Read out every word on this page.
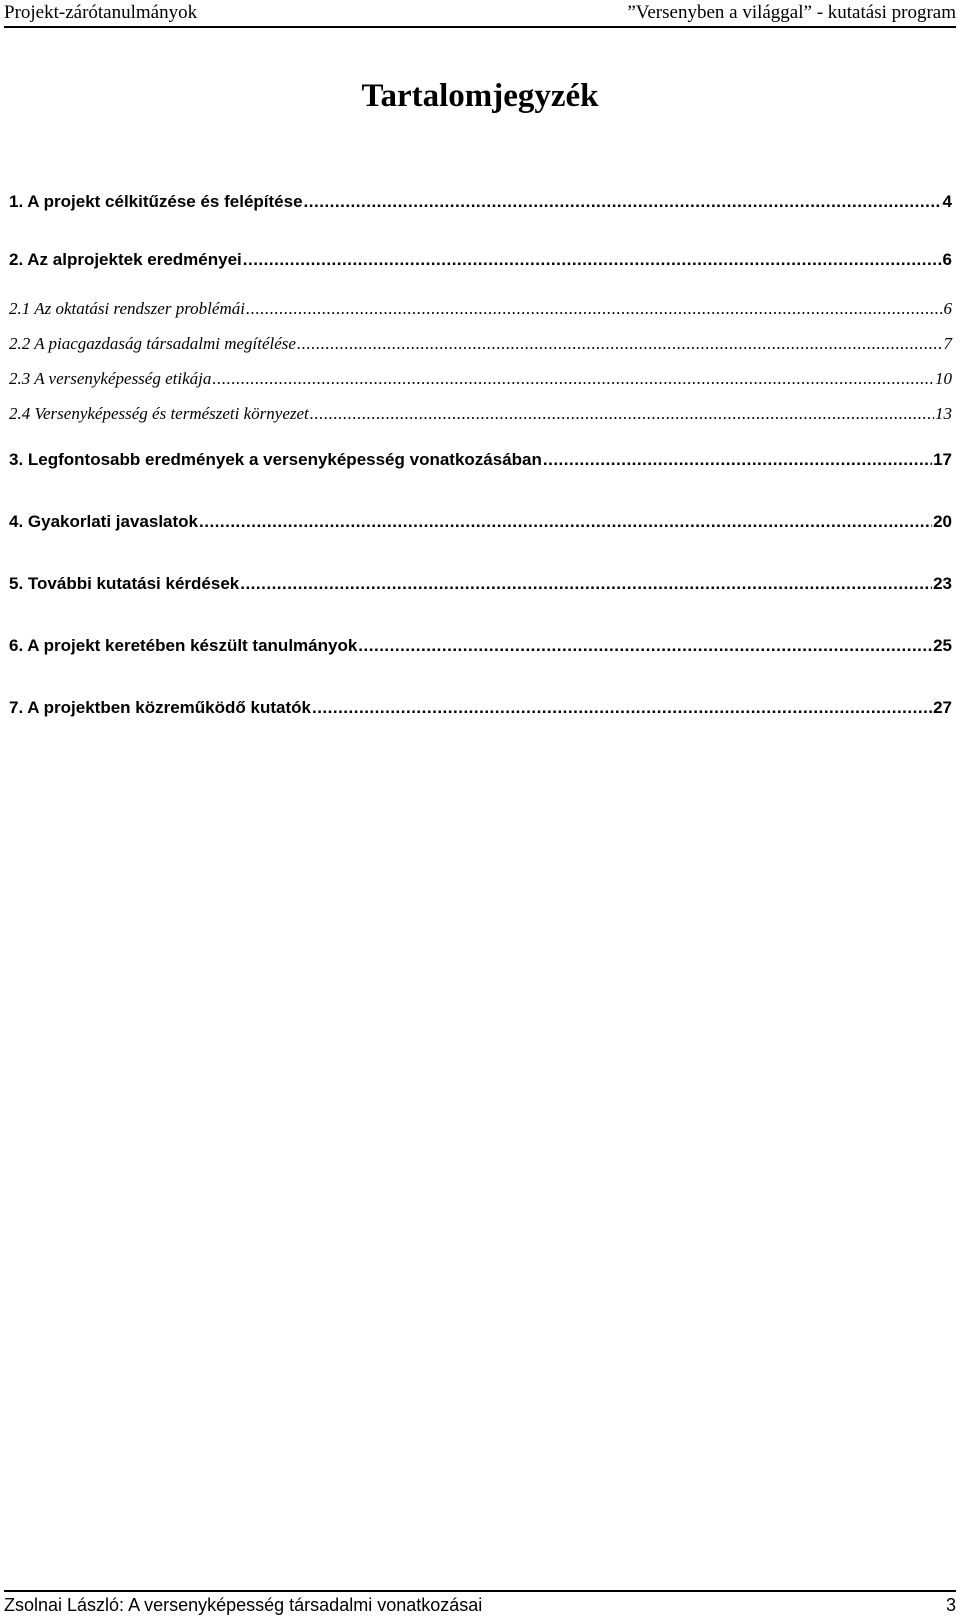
Projekt-zárótanulmányok	”Versenyben a világgal” - kutatási program
Tartalomjegyzék
1. A projekt célkitűzése és felépítése .....	4
2. Az alprojektek eredményei .....	6
2.1 Az oktatási rendszer problémái .....	6
2.2 A piacgazdaság társadalmi megítélése .....	7
2.3 A versenyképesség etikája .....	10
2.4 Versenyképesség és természeti környezet .....	13
3. Legfontosabb eredmények a versenyképesség vonatkozásában .....	17
4. Gyakorlati javaslatok .....	20
5. További kutatási kérdések .....	23
6. A projekt keretében készült tanulmányok .....	25
7. A projektben közreműködő kutatók .....	27
Zsolnai László: A versenyképesség társadalmi vonatkozásai	3
